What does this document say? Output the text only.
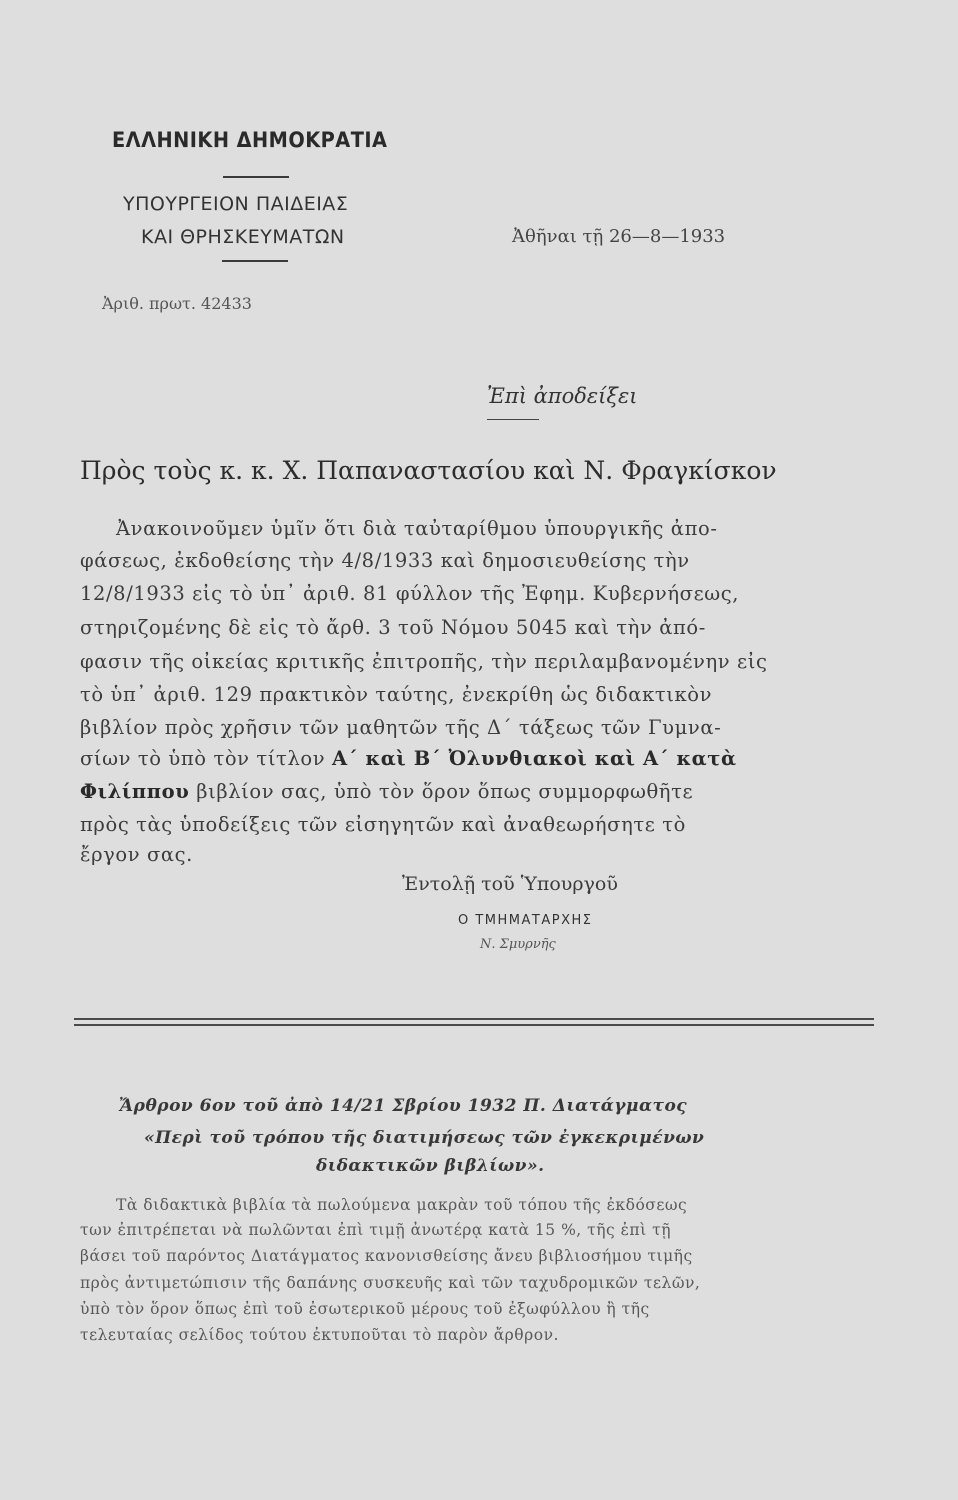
ΕΛΛΗΝΙΚΗ ΔΗΜΟΚΡΑΤΙΑ
ΥΠΟΥΡΓΕΙΟΝ ΠΑΙΔΕΙΑΣ
ΚΑΙ ΘΡΗΣΚΕΥΜΑΤΩΝ	Ἀθῆναι τῇ 26—8—1933
Ἀριθ. πρωτ. 42433
Ἐπὶ ἀποδείξει
Πρὸς τοὺς κ. κ. Χ. Παπαναστασίου καὶ Ν. Φραγκίσκον
Ἀνακοινοῦμεν ὑμῖν ὅτι διὰ ταὐταρίθμου ὑπουργικῆς ἀπο-
φάσεως, ἐκδοθείσης τὴν 4/8/1933 καὶ δημοσιευθείσης τὴν
12/8/1933 εἰς τὸ ὑπ᾽ ἀριθ. 81 φύλλον τῆς Ἐφημ. Κυβερνήσεως,
στηριζομένης δὲ εἰς τὸ ἄρθ. 3 τοῦ Νόμου 5045 καὶ τὴν ἀπό-
φασιν τῆς οἰκείας κριτικῆς ἐπιτροπῆς, τὴν περιλαμβανομένην εἰς
τὸ ὑπ᾽ ἀριθ. 129 πρακτικὸν ταύτης, ἐνεκρίθη ὡς διδακτικὸν
βιβλίον πρὸς χρῆσιν τῶν μαθητῶν τῆς Δ΄ τάξεως τῶν Γυμνα-
σίων τὸ ὑπὸ τὸν τίτλον Α΄ καὶ Β΄ Ὀλυνθιακοὶ καὶ Α΄ κατὰ
Φιλίππου βιβλίον σας, ὑπὸ τὸν ὅρον ὅπως συμμορφωθῆτε
πρὸς τὰς ὑποδείξεις τῶν εἰσηγητῶν καὶ ἀναθεωρήσητε τὸ
ἔργον σας.
Ἐντολῇ τοῦ Ὑπουργοῦ
Ο ΤΜΗΜΑΤΑΡΧΗΣ
Ν. Σμυρνῆς
Ἄρθρον 6ον τοῦ ἀπὸ 14/21 Σβρίου 1932 Π. Διατάγματος
«Περὶ τοῦ τρόπου τῆς διατιμήσεως τῶν ἐγκεκριμένων
διδακτικῶν βιβλίων».
Τὰ διδακτικὰ βιβλία τὰ πωλούμενα μακρὰν τοῦ τόπου τῆς ἐκδόσεως
των ἐπιτρέπεται νὰ πωλῶνται ἐπὶ τιμῇ ἀνωτέρᾳ κατὰ 15 %, τῆς ἐπὶ τῇ
βάσει τοῦ παρόντος Διατάγματος κανονισθείσης ἄνευ βιβλιοσήμου τιμῆς
πρὸς ἀντιμετώπισιν τῆς δαπάνης συσκευῆς καὶ τῶν ταχυδρομικῶν τελῶν,
ὑπὸ τὸν ὅρον ὅπως ἐπὶ τοῦ ἐσωτερικοῦ μέρους τοῦ ἐξωφύλλου ἢ τῆς
τελευταίας σελίδος τούτου ἐκτυποῦται τὸ παρὸν ἄρθρον.
